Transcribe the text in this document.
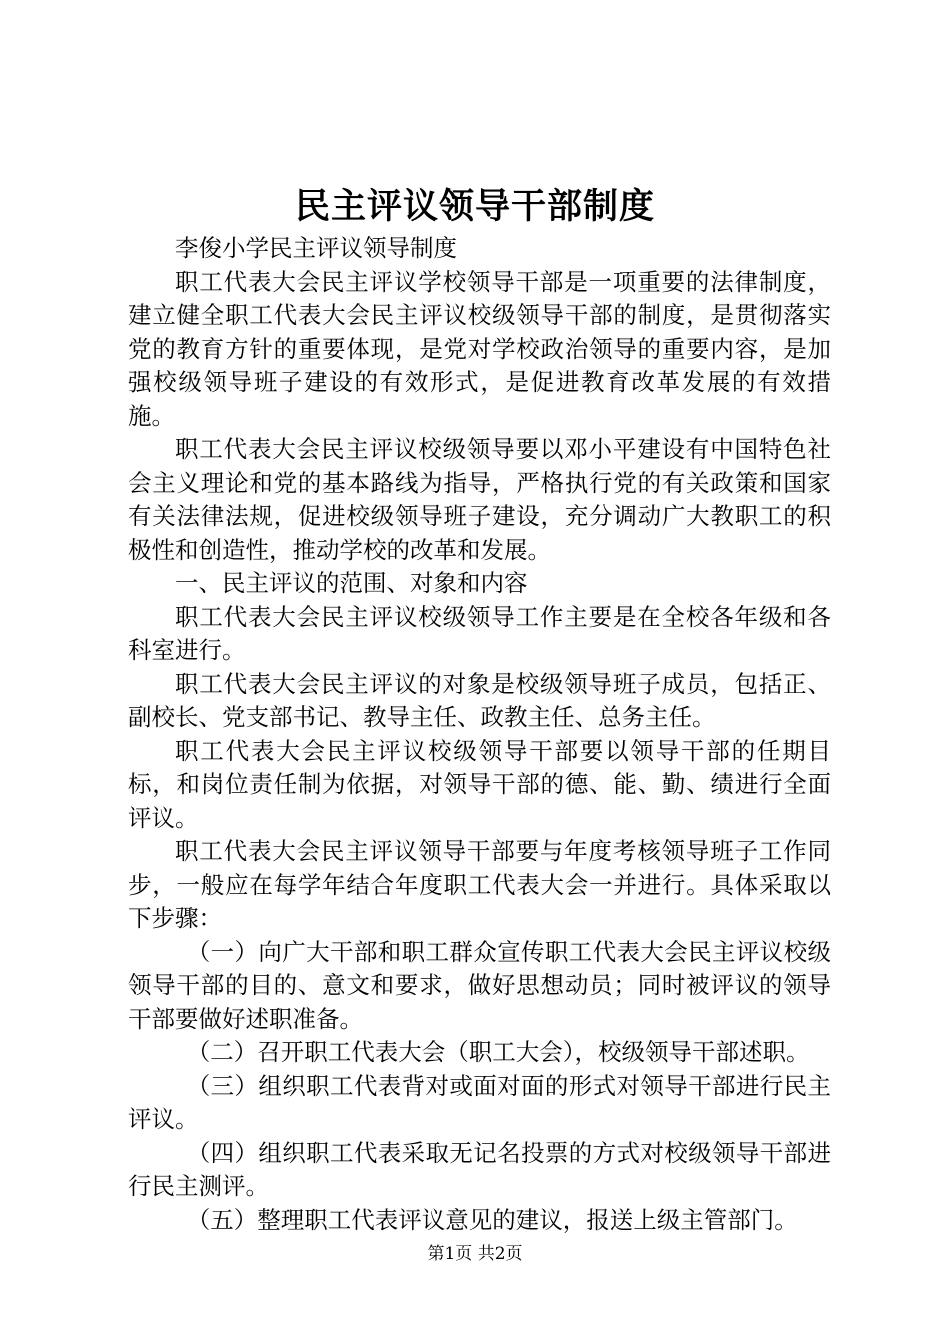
民主评议领导干部制度

李俊小学民主评议领导制度

职工代表大会民主评议学校领导干部是一项重要的法律制度，建立健全职工代表大会民主评议校级领导干部的制度，是贯彻落实党的教育方针的重要体现，是党对学校政治领导的重要内容，是加强校级领导班子建设的有效形式，是促进教育改革发展的有效措施。

职工代表大会民主评议校级领导要以邓小平建设有中国特色社会主义理论和党的基本路线为指导，严格执行党的有关政策和国家有关法律法规，促进校级领导班子建设，充分调动广大教职工的积极性和创造性，推动学校的改革和发展。

一、民主评议的范围、对象和内容

职工代表大会民主评议校级领导工作主要是在全校各年级和各科室进行。

职工代表大会民主评议的对象是校级领导班子成员，包括正、副校长、党支部书记、教导主任、政教主任、总务主任。

职工代表大会民主评议校级领导干部要以领导干部的任期目标，和岗位责任制为依据，对领导干部的德、能、勤、绩进行全面评议。

职工代表大会民主评议领导干部要与年度考核领导班子工作同步，一般应在每学年结合年度职工代表大会一并进行。具体采取以下步骤：

（一）向广大干部和职工群众宣传职工代表大会民主评议校级领导干部的目的、意文和要求，做好思想动员；同时被评议的领导干部要做好述职准备。

（二）召开职工代表大会（职工大会），校级领导干部述职。

（三）组织职工代表背对或面对面的形式对领导干部进行民主评议。

（四）组织职工代表采取无记名投票的方式对校级领导干部进行民主测评。

（五）整理职工代表评议意见的建议，报送上级主管部门。

第1页 共2页
